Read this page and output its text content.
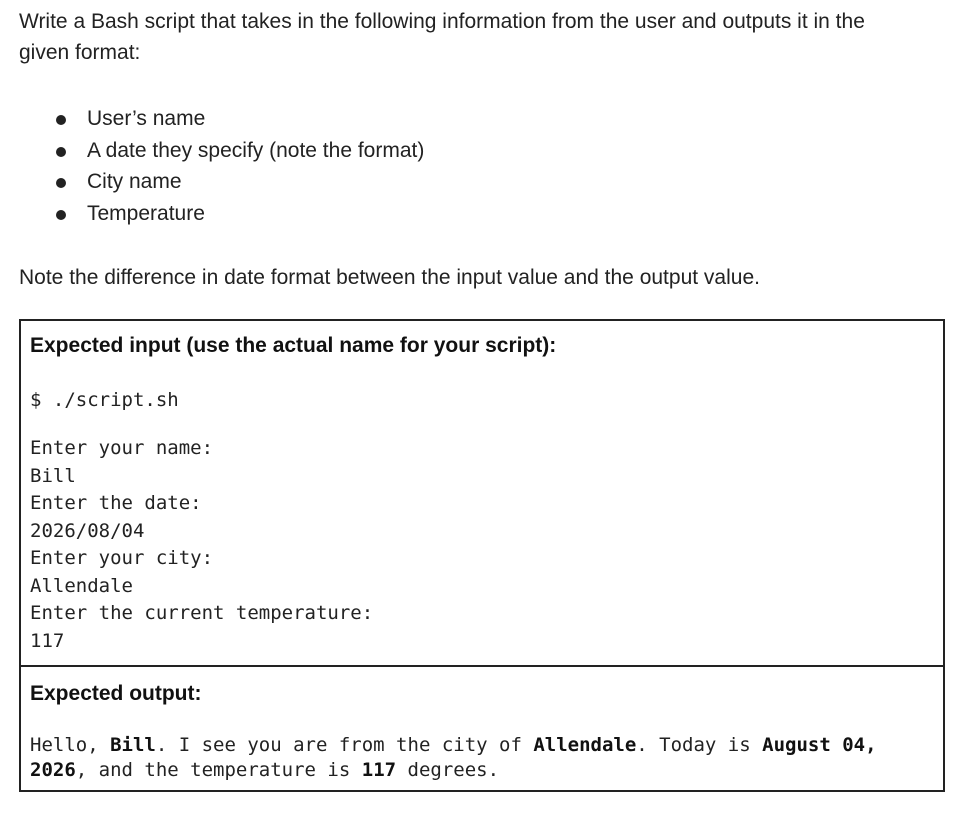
Write a Bash script that takes in the following information from the user and outputs it in the given format:

User’s name
A date they specify (note the format)
City name
Temperature

Note the difference in date format between the input value and the output value.

Expected input (use the actual name for your script):
$ ./script.sh
Enter your name:
Bill
Enter the date:
2026/08/04
Enter your city:
Allendale
Enter the current temperature:
117
Expected output:

Hello, Bill. I see you are from the city of Allendale. Today is August 04, 2026, and the temperature is 117 degrees.
